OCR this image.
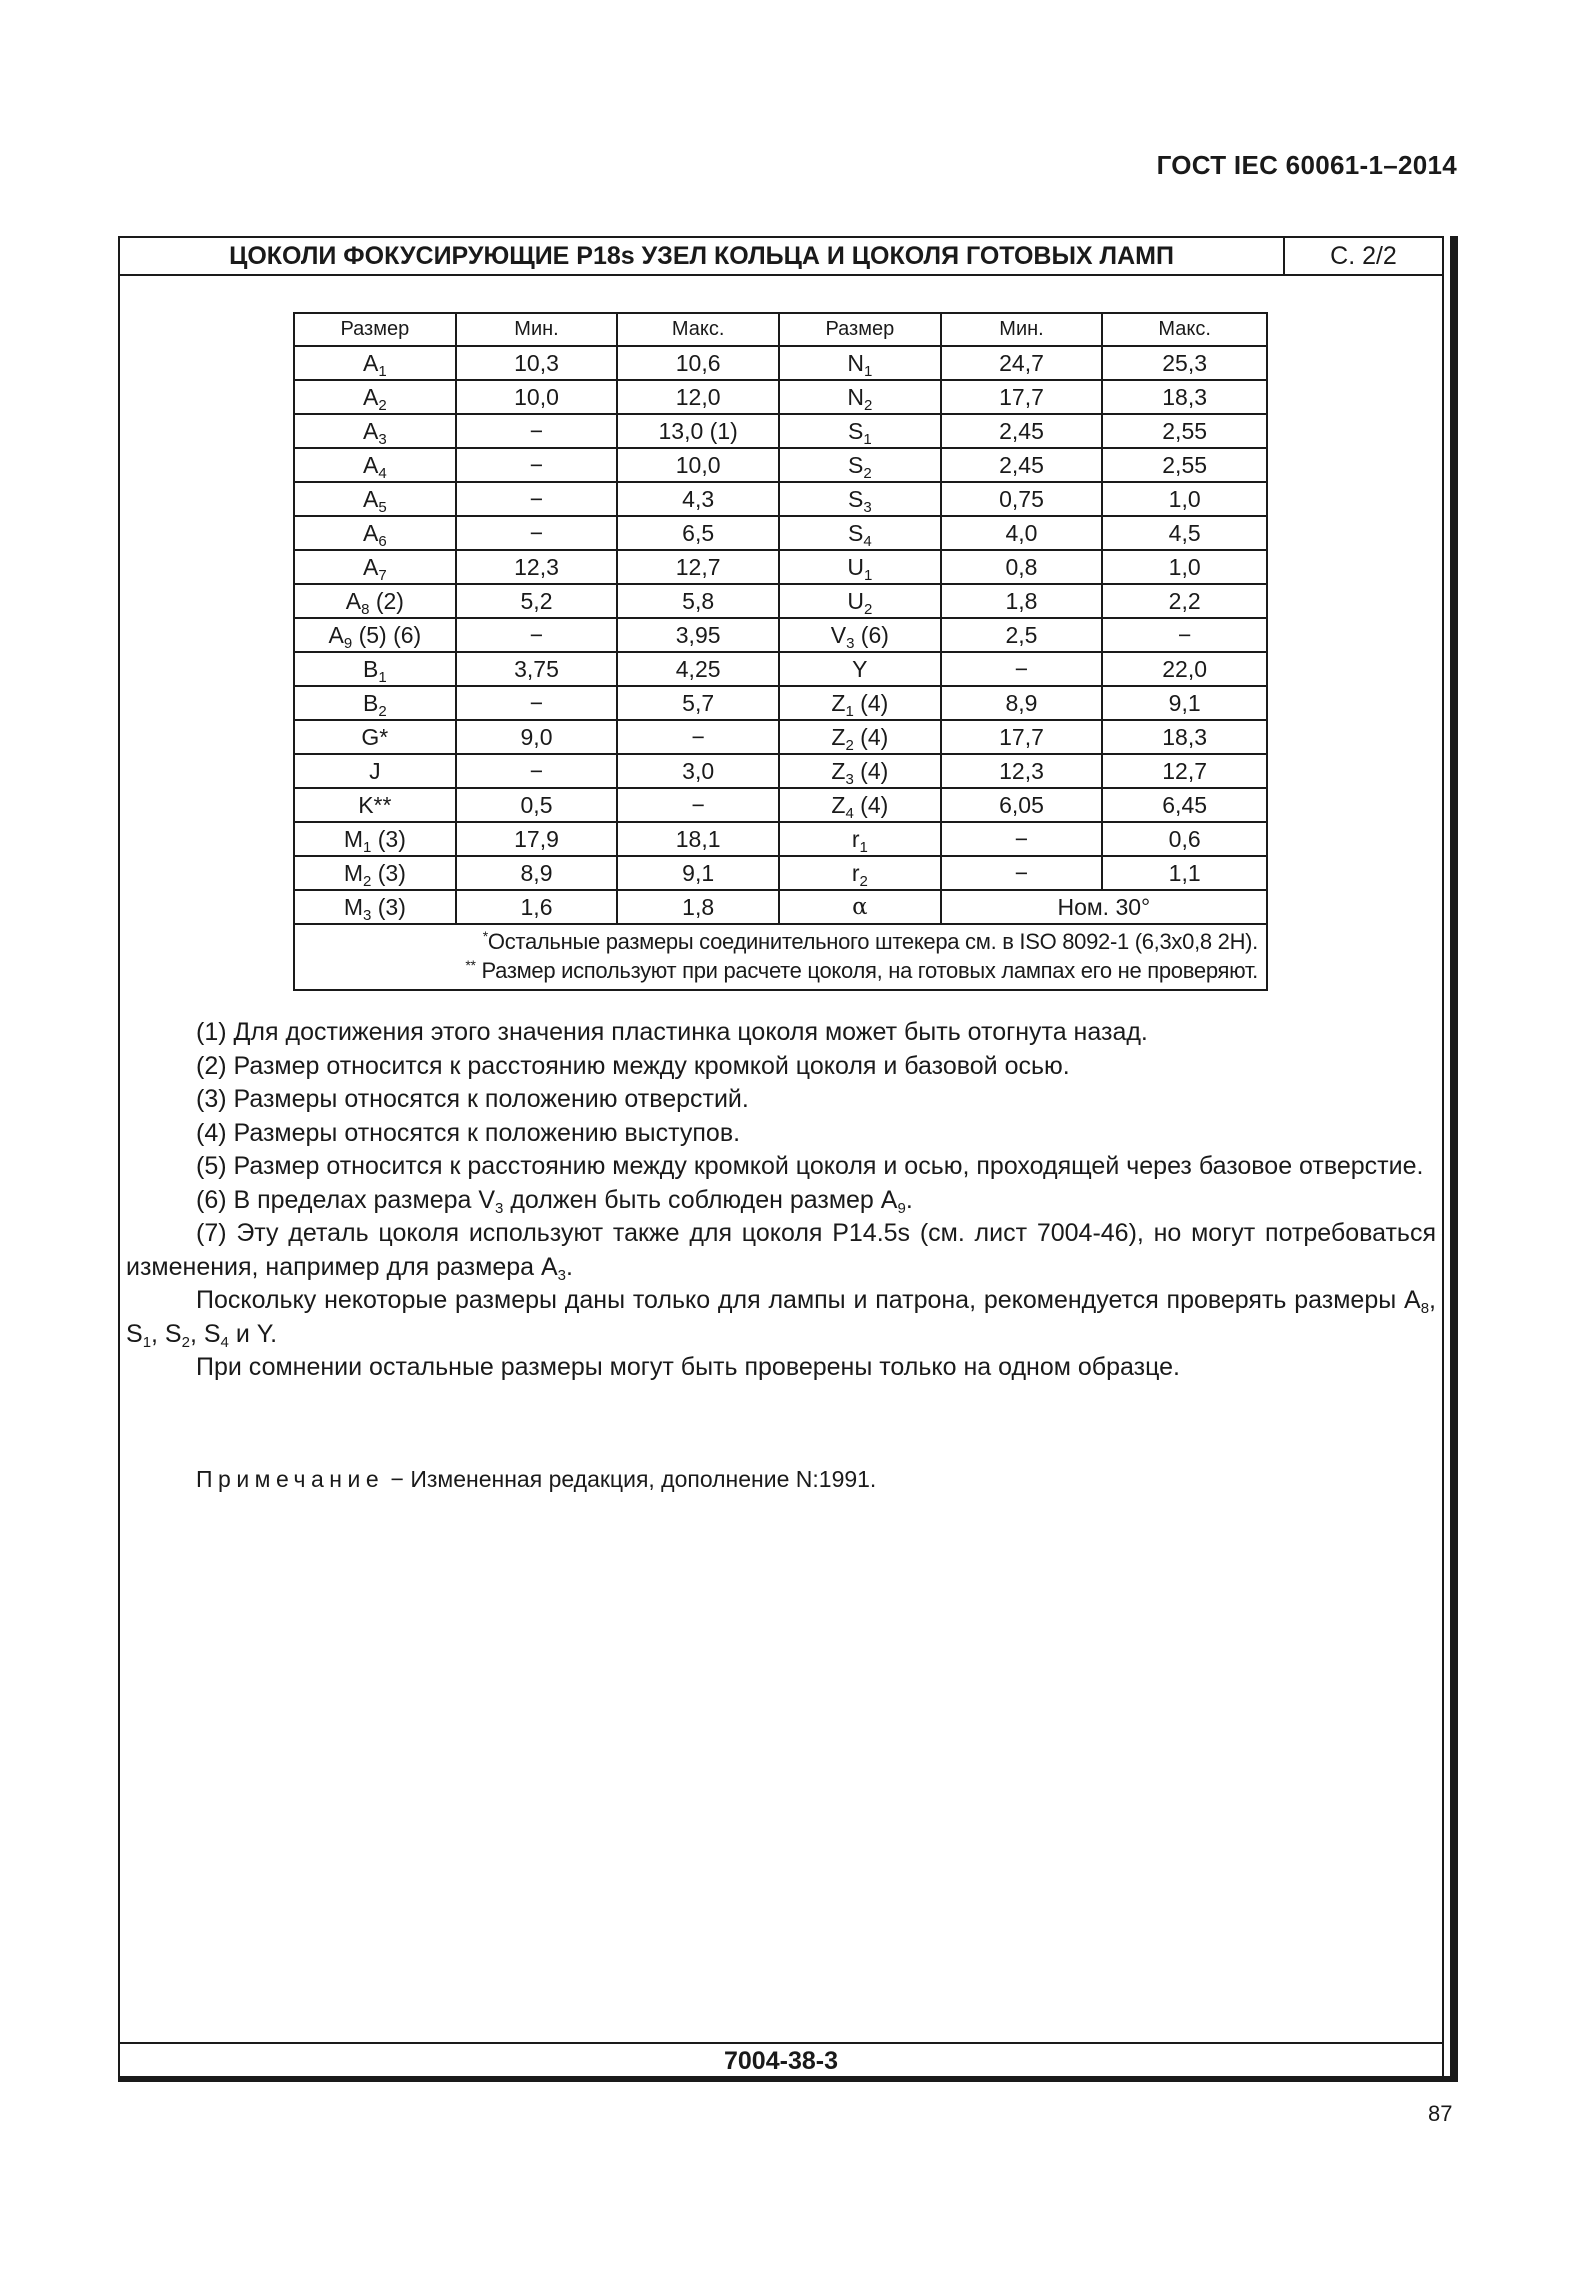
ГОСТ IEC 60061-1–2014
ЦОКОЛИ ФОКУСИРУЮЩИЕ P18s УЗЕЛ КОЛЬЦА И ЦОКОЛЯ ГОТОВЫХ ЛАМП	С. 2/2
7004-38-3
Размер	Мин.	Макс.	Размер	Мин.	Макс.
$A_1$	10,3	10,6	$N_1$	24,7	25,3
$A_2$	10,0	12,0	$N_2$	17,7	18,3
$A_3$	−	13,0 (1)	$S_1$	2,45	2,55
$A_4$	−	10,0	$S_2$	2,45	2,55
$A_5$	−	4,3	$S_3$	0,75	1,0
$A_6$	−	6,5	$S_4$	4,0	4,5
$A_7$	12,3	12,7	$U_1$	0,8	1,0
$A_8$ (2)	5,2	5,8	$U_2$	1,8	2,2
$A_9$ (5) (6)	−	3,95	$V_3$ (6)	2,5	−
$B_1$	3,75	4,25	Y	−	22,0
$B_2$	−	5,7	$Z_1$ (4)	8,9	9,1
G*	9,0	−	$Z_2$ (4)	17,7	18,3
J	−	3,0	$Z_3$ (4)	12,3	12,7
K**	0,5	−	$Z_4$ (4)	6,05	6,45
$M_1$ (3)	17,9	18,1	$r_1$	−	0,6
$M_2$ (3)	8,9	9,1	$r_2$	−	1,1
$M_3$ (3)	1,6	1,8	α	Ном. 30°	

*Остальные размеры соединительного штекера см. в ISO 8092-1 (6,3х0,8 2Н).
** Размер используют при расчете цоколя, на готовых лампах его не проверяют.					

(1) Для достижения этого значения пластинка цоколя может быть отогнута назад.

(2) Размер относится к расстоянию между кромкой цоколя и базовой осью.

(3) Размеры относятся к положению отверстий.

(4) Размеры относятся к положению выступов.

(5) Размер относится к расстоянию между кромкой цоколя и осью, проходящей через базовое отверстие.

(6) В пределах размера $V_3$ должен быть соблюден размер $A_9$.

(7) Эту деталь цоколя используют также для цоколя P14.5s (см. лист 7004-46), но могут потребоваться изменения, например для размера $A_3$.

Поскольку некоторые размеры даны только для лампы и патрона, рекомендуется проверять размеры $A_8$, $S_1$, $S_2$, $S_4$ и Y.

При сомнении остальные размеры могут быть проверены только на одном образце.

Примечание − Измененная редакция, дополнение N:1991.
87
